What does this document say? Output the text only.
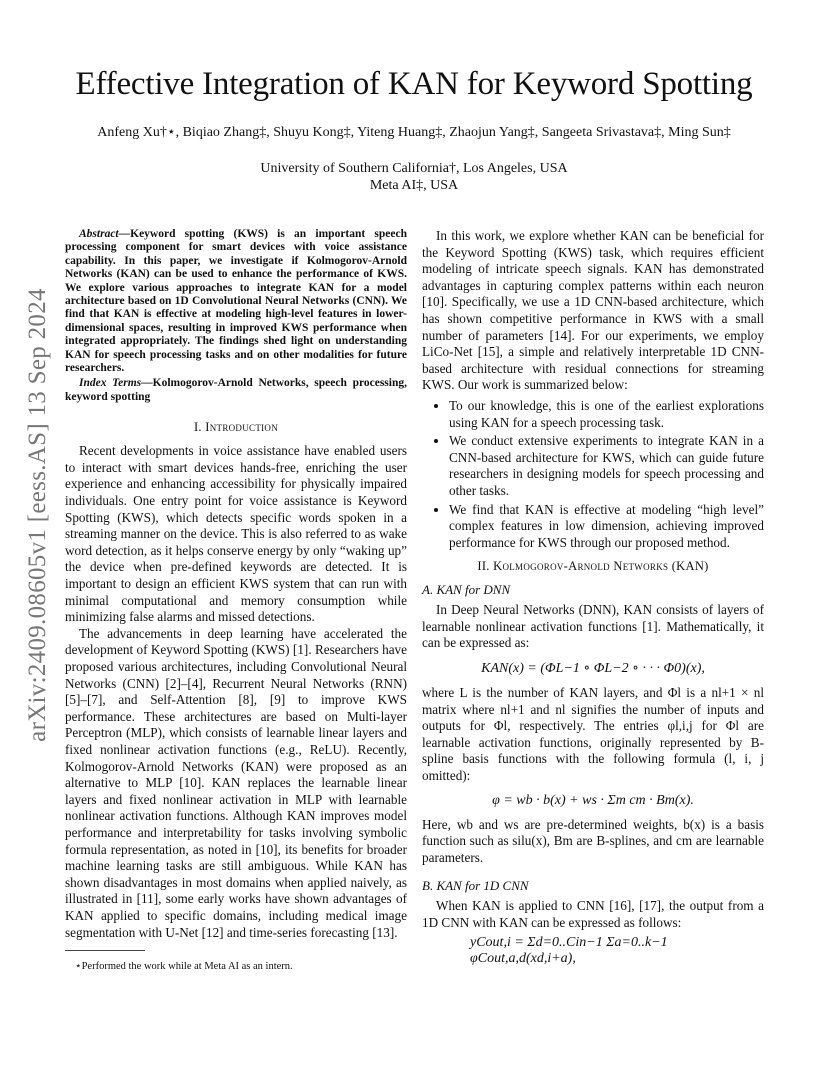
arXiv:2409.08605v1 [eess.AS] 13 Sep 2024
Effective Integration of KAN for Keyword Spotting
Anfeng Xu†⋆, Biqiao Zhang‡, Shuyu Kong‡, Yiteng Huang‡, Zhaojun Yang‡, Sangeeta Srivastava‡, Ming Sun‡
University of Southern California†, Los Angeles, USA
Meta AI‡, USA
Abstract—Keyword spotting (KWS) is an important speech processing component for smart devices with voice assistance capability. In this paper, we investigate if Kolmogorov-Arnold Networks (KAN) can be used to enhance the performance of KWS. We explore various approaches to integrate KAN for a model architecture based on 1D Convolutional Neural Networks (CNN). We find that KAN is effective at modeling high-level features in lower-dimensional spaces, resulting in improved KWS performance when integrated appropriately. The findings shed light on understanding KAN for speech processing tasks and on other modalities for future researchers.
Index Terms—Kolmogorov-Arnold Networks, speech processing, keyword spotting
I. Introduction

Recent developments in voice assistance have enabled users to interact with smart devices hands-free, enriching the user experience and enhancing accessibility for physically impaired individuals. One entry point for voice assistance is Keyword Spotting (KWS), which detects specific words spoken in a streaming manner on the device. This is also referred to as wake word detection, as it helps conserve energy by only “waking up” the device when pre-defined keywords are detected. It is important to design an efficient KWS system that can run with minimal computational and memory consumption while minimizing false alarms and missed detections.

The advancements in deep learning have accelerated the development of Keyword Spotting (KWS) [1]. Researchers have proposed various architectures, including Convolutional Neural Networks (CNN) [2]–[4], Recurrent Neural Networks (RNN) [5]–[7], and Self-Attention [8], [9] to improve KWS performance. These architectures are based on Multi-layer Perceptron (MLP), which consists of learnable linear layers and fixed nonlinear activation functions (e.g., ReLU). Recently, Kolmogorov-Arnold Networks (KAN) were proposed as an alternative to MLP [10]. KAN replaces the learnable linear layers and fixed nonlinear activation in MLP with learnable nonlinear activation functions. Although KAN improves model performance and interpretability for tasks involving symbolic formula representation, as noted in [10], its benefits for broader machine learning tasks are still ambiguous. While KAN has shown disadvantages in most domains when applied naively, as illustrated in [11], some early works have shown advantages of KAN applied to specific domains, including medical image segmentation with U-Net [12] and time-series forecasting [13].

⋆Performed the work while at Meta AI as an intern.

In this work, we explore whether KAN can be beneficial for the Keyword Spotting (KWS) task, which requires efficient modeling of intricate speech signals. KAN has demonstrated advantages in capturing complex patterns within each neuron [10]. Specifically, we use a 1D CNN-based architecture, which has shown competitive performance in KWS with a small number of parameters [14]. For our experiments, we employ LiCo-Net [15], a simple and relatively interpretable 1D CNN-based architecture with residual connections for streaming KWS. Our work is summarized below:

• To our knowledge, this is one of the earliest explorations using KAN for a speech processing task.
• We conduct extensive experiments to integrate KAN in a CNN-based architecture for KWS, which can guide future researchers in designing models for speech processing and other tasks.
• We find that KAN is effective at modeling “high level” complex features in low dimension, achieving improved performance for KWS through our proposed method.
II. Kolmogorov-Arnold Networks (KAN)
A. KAN for DNN

In Deep Neural Networks (DNN), KAN consists of layers of learnable nonlinear activation functions [1]. Mathematically, it can be expressed as:

KAN(x) = (ΦL−1 ∘ ΦL−2 ∘ · · · Φ0)(x),

where L is the number of KAN layers, and Φl is a nl+1 × nl matrix where nl+1 and nl signifies the number of inputs and outputs for Φl, respectively. The entries φl,i,j for Φl are learnable activation functions, originally represented by B-spline basis functions with the following formula (l, i, j omitted):

φ = wb · b(x) + ws · Σm cm · Bm(x).

Here, wb and ws are pre-determined weights, b(x) is a basis function such as silu(x), Bm are B-splines, and cm are learnable parameters.

B. KAN for 1D CNN

When KAN is applied to CNN [16], [17], the output from a 1D CNN with KAN can be expressed as follows:

yCout,i = Σd=0..Cin−1 Σa=0..k−1 φCout,a,d(xd,i+a),
